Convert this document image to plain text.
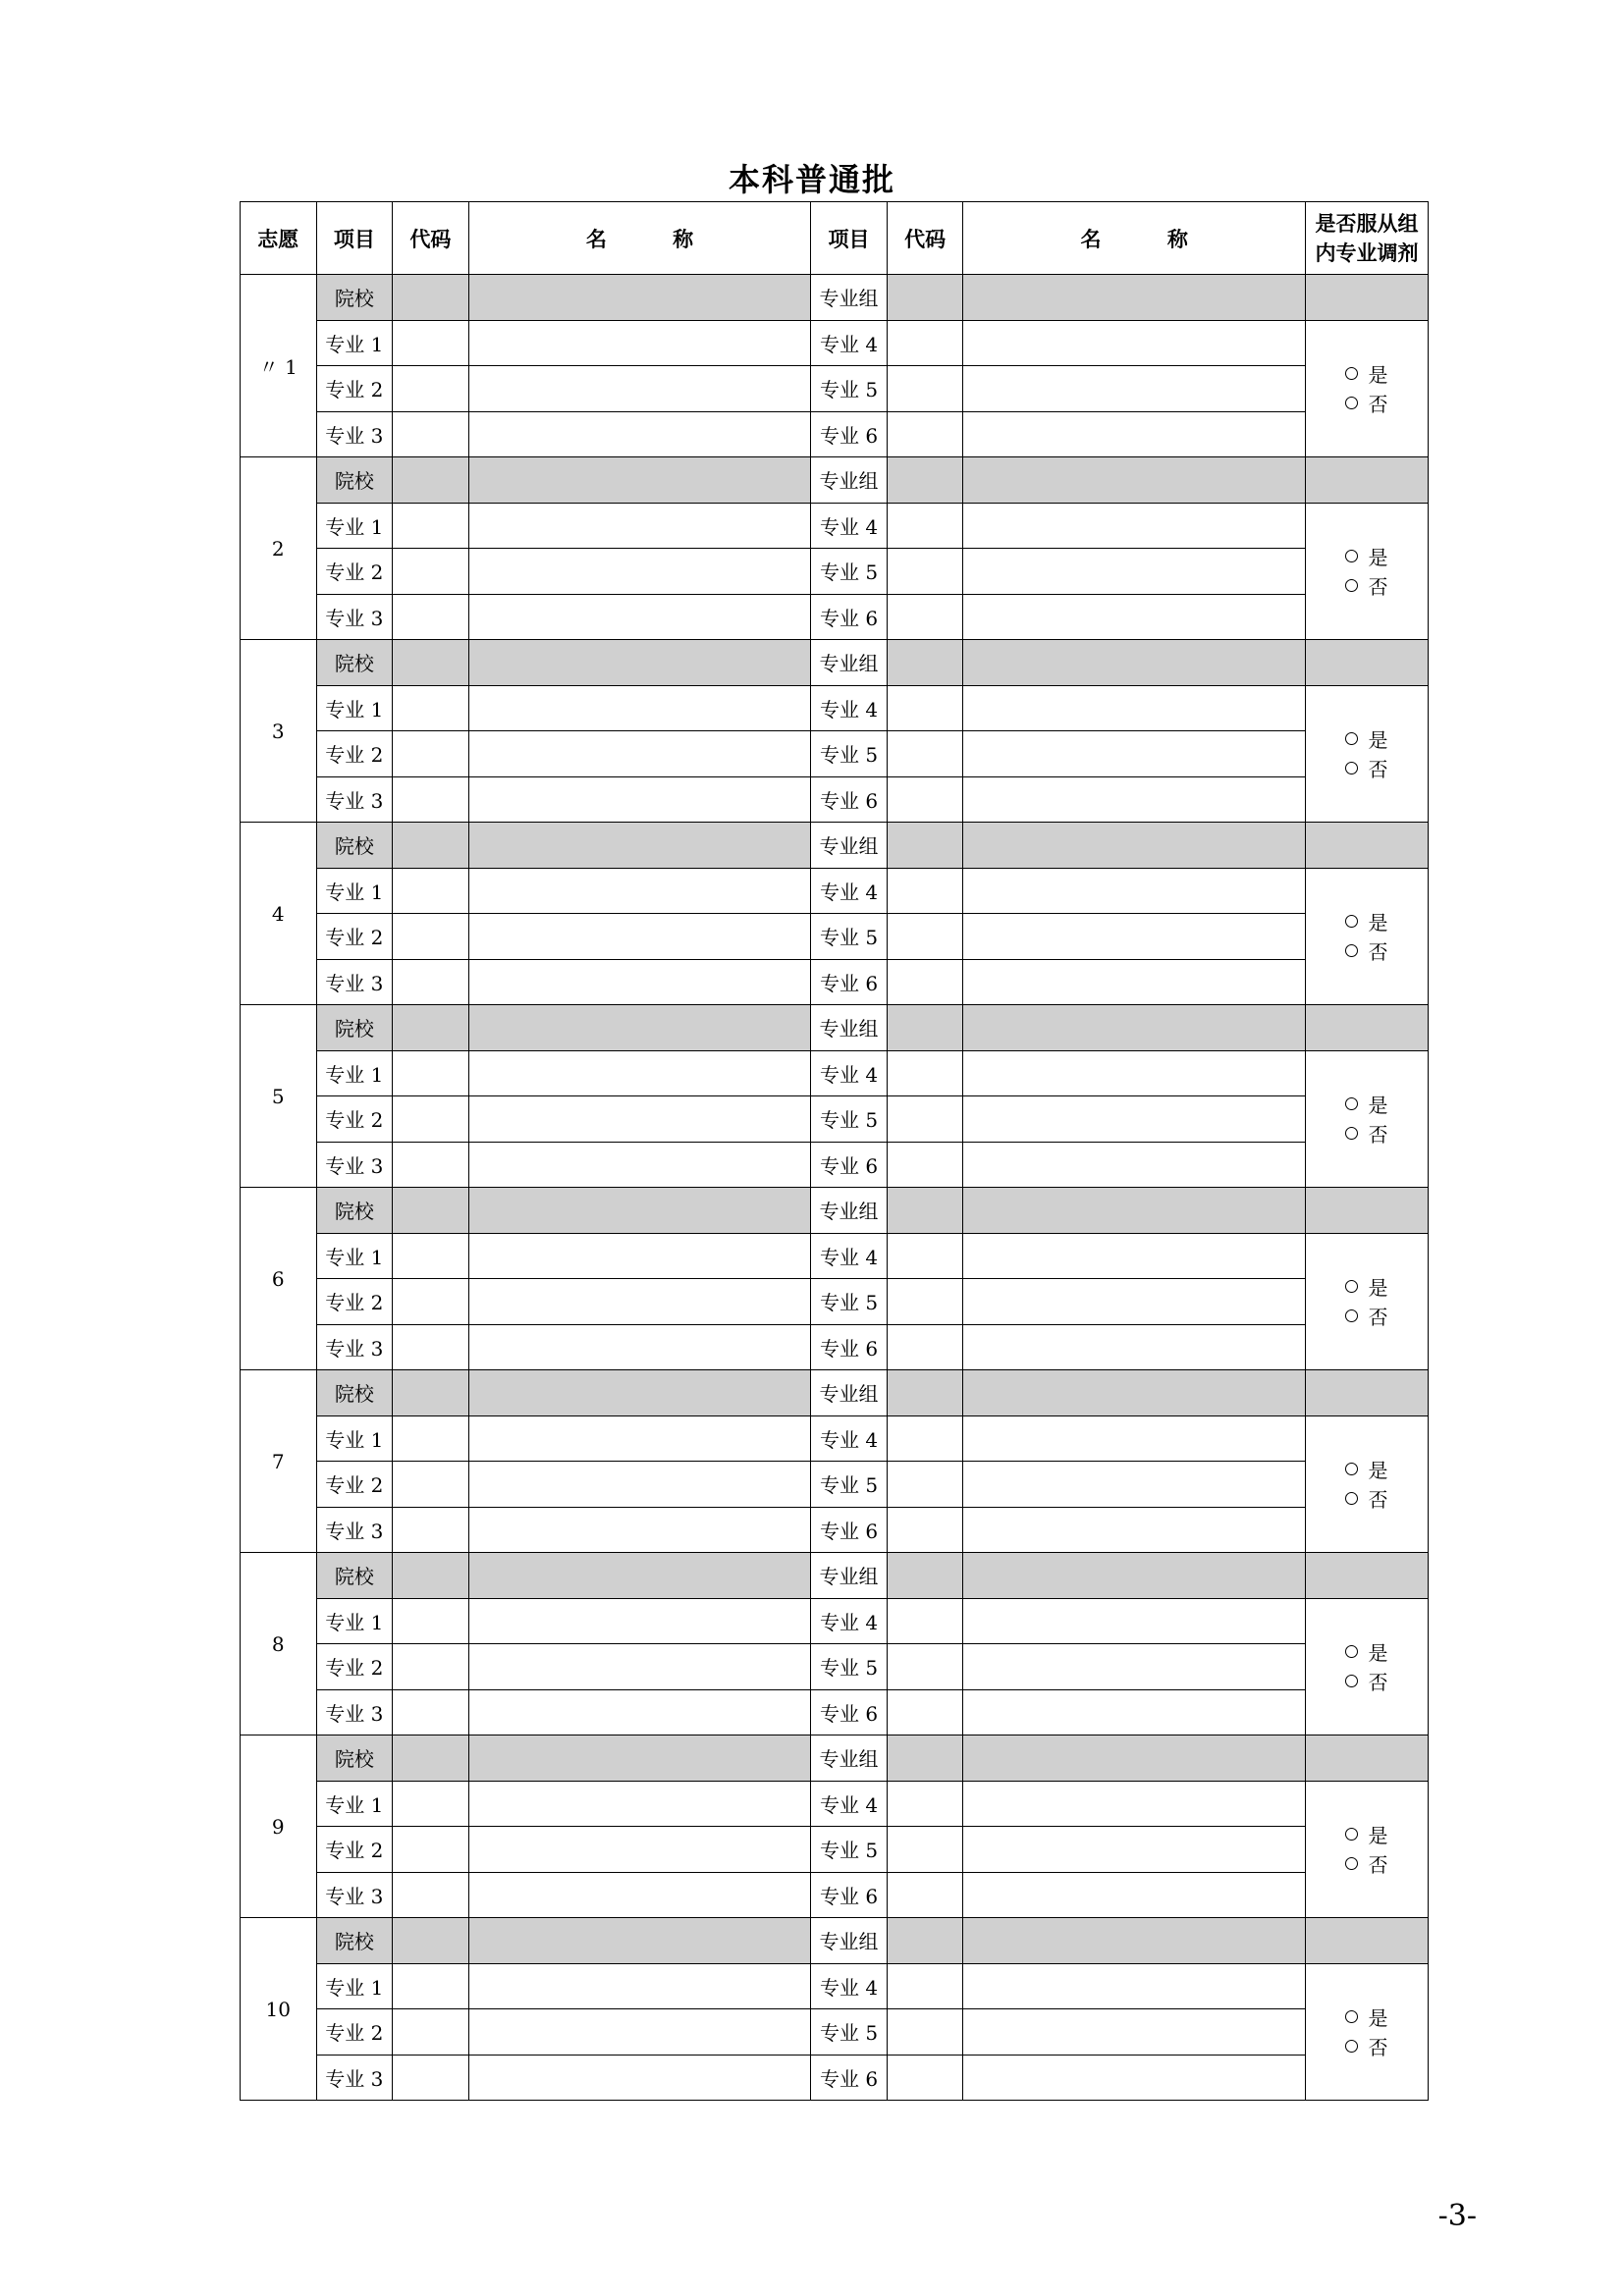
本科普通批
志愿	项目	代码	名 称	项目	代码	名 称	是否服从组
内专业调剂

〃 1	院校			专业组			
	专业 1			专业 4			是
否

	专业 2			专业 5			
	专业 3			专业 6			
2	院校			专业组			
	专业 1			专业 4			是
否

	专业 2			专业 5			
	专业 3			专业 6			
3	院校			专业组			
	专业 1			专业 4			是
否

	专业 2			专业 5			
	专业 3			专业 6			
4	院校			专业组			
	专业 1			专业 4			是
否

	专业 2			专业 5			
	专业 3			专业 6			
5	院校			专业组			
	专业 1			专业 4			是
否

	专业 2			专业 5			
	专业 3			专业 6			
6	院校			专业组			
	专业 1			专业 4			是
否

	专业 2			专业 5			
	专业 3			专业 6			
7	院校			专业组			
	专业 1			专业 4			是
否

	专业 2			专业 5			
	专业 3			专业 6			
8	院校			专业组			
	专业 1			专业 4			是
否

	专业 2			专业 5			
	专业 3			专业 6			
9	院校			专业组			
	专业 1			专业 4			是
否

	专业 2			专业 5			
	专业 3			专业 6			
10	院校			专业组			
	专业 1			专业 4			是
否

	专业 2			专业 5			
	专业 3			专业 6			
-3-
